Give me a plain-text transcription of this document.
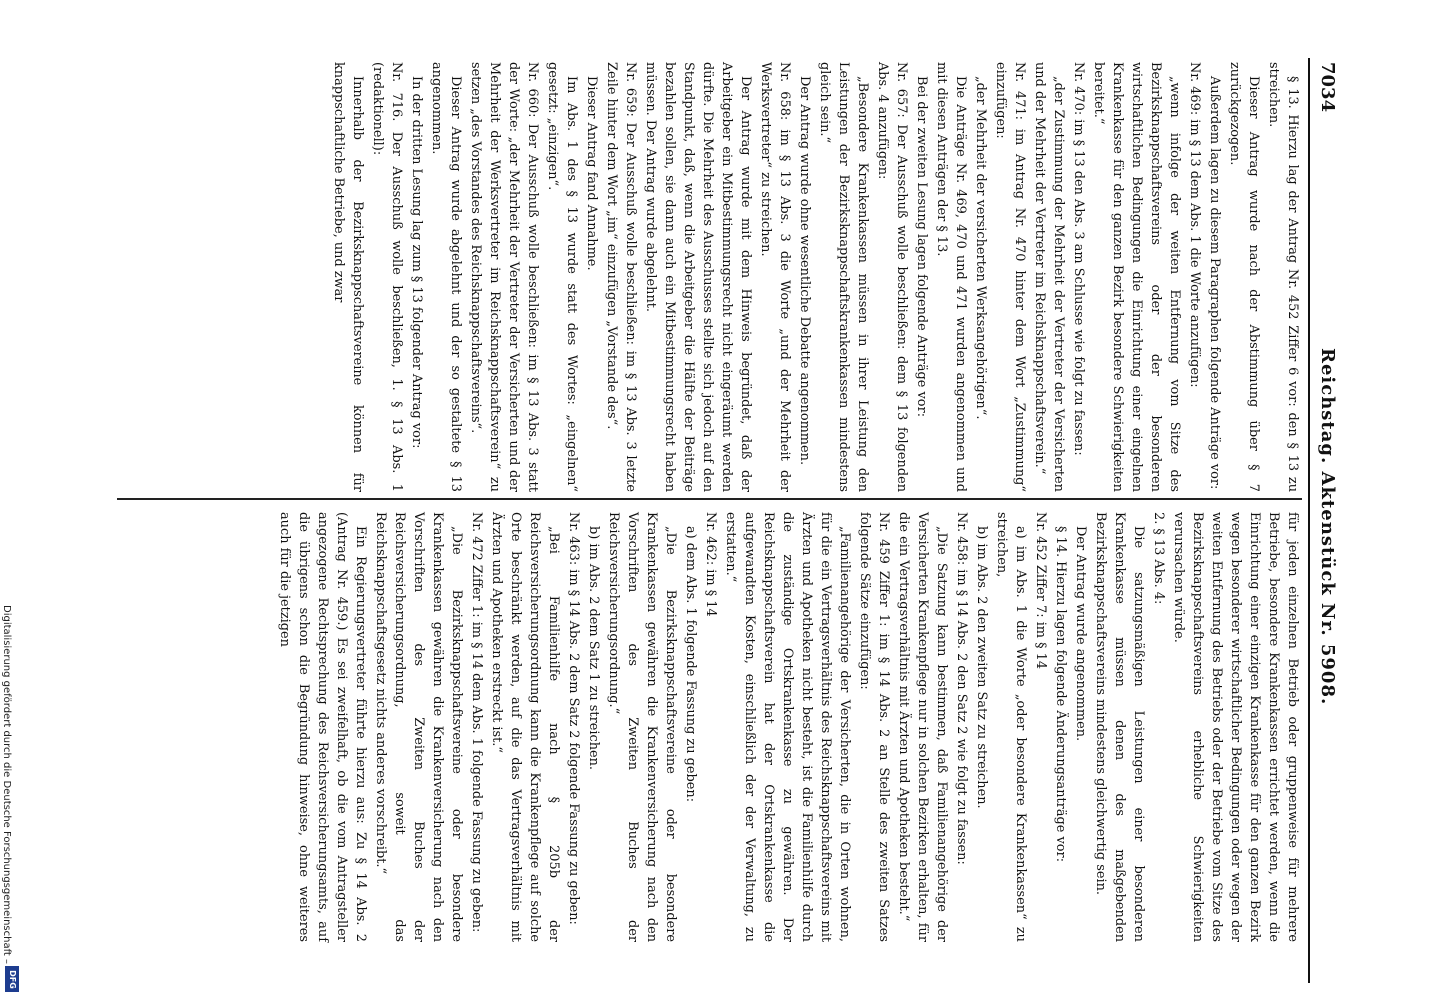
Digitalisierung gefördert durch die Deutsche Forschungsgemeinschaft –
DFG
7034
Reichstag. Aktenstück Nr. 5908.

§ 13. Hierzu lag der Antrag Nr. 452 Ziffer 6 vor: den § 13 zu streichen.

Dieser Antrag wurde nach der Abstimmung über § 7 zurückgezogen.

Außerdem lagen zu diesem Paragraphen folgende Anträge vor:

Nr. 469: im § 13 dem Abs. 1 die Worte anzufügen:

„wenn infolge der weiten Entfernung vom Sitze des Bezirksknappschaftsvereins oder der besonderen wirtschaftlichen Bedingungen die Einrichtung einer eingelnen Krankenkasse für den ganzen Bezirk besondere Schwierigkeiten bereitet.“

Nr. 470: im § 13 den Abs. 3 am Schlusse wie folgt zu fassen:

„der Zustimmung der Mehrheit der Vertreter der Versicherten und der Mehrheit der Vertreter im Reichsknappschaftsverein.“

Nr. 471: im Antrag Nr. 470 hinter dem Wort „Zustimmung“ einzufügen:

„der Mehrheit der versicherten Werksangehörigen“.

Die Anträge Nr. 469, 470 und 471 wurden angenommen und mit diesen Anträgen der § 13.

Bei der zweiten Lesung lagen folgende Anträge vor:

Nr. 657: Der Ausschuß wolle beschließen: dem § 13 folgenden Abs. 4 anzufügen:

„Besondere Krankenkassen müssen in ihrer Leistung den Leistungen der Bezirksknappschaftskrankenkassen mindestens gleich sein.“

Der Antrag wurde ohne wesentliche Debatte angenommen.

Nr. 658: im § 13 Abs. 3 die Worte „und der Mehrheit der Werksvertreter“ zu streichen.

Der Antrag wurde mit dem Hinweis begründet, daß der Arbeitgeber ein Mitbestimmungsrecht nicht eingeräumt werden dürfte. Die Mehrheit des Ausschusses stellte sich jedoch auf den Standpunkt, daß, wenn die Arbeitgeber die Hälfte der Beiträge bezahlen sollen, sie dann auch ein Mitbestimmungsrecht haben müssen. Der Antrag wurde abgelehnt.

Nr. 659: Der Ausschuß wolle beschließen: im § 13 Abs. 3 letzte Zeile hinter dem Wort „im“ einzufügen „Vorstande des“.

Dieser Antrag fand Annahme.

Im Abs. 1 des § 13 wurde statt des Wortes: „eingelnen“ gesetzt: „einzigen“.

Nr. 660: Der Ausschuß wolle beschließen: im § 13 Abs. 3 statt der Worte: „der Mehrheit der Vertreter der Versicherten und der Mehrheit der Werksvertreter im Reichsknappschaftsverein“ zu setzen „des Vorstandes des Reichsknappschaftsvereins“.

Dieser Antrag wurde abgelehnt und der so gestaltete § 13 angenommen.

In der dritten Lesung lag zum § 13 folgender Antrag vor:

Nr. 716. Der Ausschuß wolle beschließen, 1. § 13 Abs. 1 (redaktionell):

Innerhalb der Bezirksknappschaftsvereine können für knappschaftliche Betriebe, und zwar

für jeden einzelnen Betrieb oder gruppenweise für mehrere Betriebe, besondere Krankenkassen errichtet werden, wenn die Einrichtung einer einzigen Krankenkasse für den ganzen Bezirk wegen besonderer wirtschaftlicher Bedingungen oder wegen der weiten Entfernung des Betriebs oder der Betriebe vom Sitze des Bezirksknappschaftsvereins erhebliche Schwierigkeiten verursachen würde.

2. § 13 Abs. 4:

Die satzungsmäßigen Leistungen einer besonderen Krankenkasse müssen denen des maßgebenden Bezirksknappschaftsvereins mindestens gleichwertig sein.

Der Antrag wurde angenommen.

§ 14. Hierzu lagen folgende Änderungsanträge vor:

Nr. 452 Ziffer 7: im § 14

a) im Abs. 1 die Worte „oder besondere Krankenkassen“ zu streichen,

b) im Abs. 2 den zweiten Satz zu streichen.

Nr. 458: im § 14 Abs. 2 den Satz 2 wie folgt zu fassen:

„Die Satzung kann bestimmen, daß Familienangehörige der Versicherten Krankenpflege nur in solchen Bezirken erhalten, für die ein Vertragsverhältnis mit Ärzten und Apotheken besteht.“

Nr. 459 Ziffer 1: im § 14 Abs. 2 an Stelle des zweiten Satzes folgende Sätze einzufügen:

„Familienangehörige der Versicherten, die in Orten wohnen, für die ein Vertragsverhältnis des Reichsknappschaftsvereins mit Ärzten und Apotheken nicht besteht, ist die Familienhilfe durch die zuständige Ortskrankenkasse zu gewähren. Der Reichsknappschaftsverein hat der Ortskrankenkasse die aufgewandten Kosten, einschließlich der der Verwaltung, zu erstatten.“

Nr. 462: im § 14

a) dem Abs. 1 folgende Fassung zu geben:

„Die Bezirksknappschaftsvereine oder besondere Krankenkassen gewähren die Krankenversicherung nach den Vorschriften des Zweiten Buches der Reichsversicherungsordnung.“

b) im Abs. 2 dem Satz 1 zu streichen.

Nr. 463: im § 14 Abs. 2 dem Satz 2 folgende Fassung zu geben:

„Bei Familienhilfe nach § 205b der Reichsversicherungsordnung kann die Krankenpflege auf solche Orte beschränkt werden, auf die das Vertragsverhältnis mit Ärzten und Apotheken erstreckt ist.“

Nr. 472 Ziffer 1: im § 14 dem Abs. 1 folgende Fassung zu geben:

„Die Bezirksknappschaftsvereine oder besondere Krankenkassen gewähren die Krankenversicherung nach den Vorschriften des Zweiten Buches der Reichsversicherungsordnung, soweit das Reichsknappschaftsgesetz nichts anderes vorschreibt.“

Ein Regierungsvertreter führte hierzu aus: Zu § 14 Abs. 2 (Antrag Nr. 459.) Es sei zweifelhaft, ob die vom Antragsteller angezogene Rechtsprechung des Reichsversicherungsamts, auf die übrigens schon die Begründung hinweise, ohne weiteres auch für die jetzigen
